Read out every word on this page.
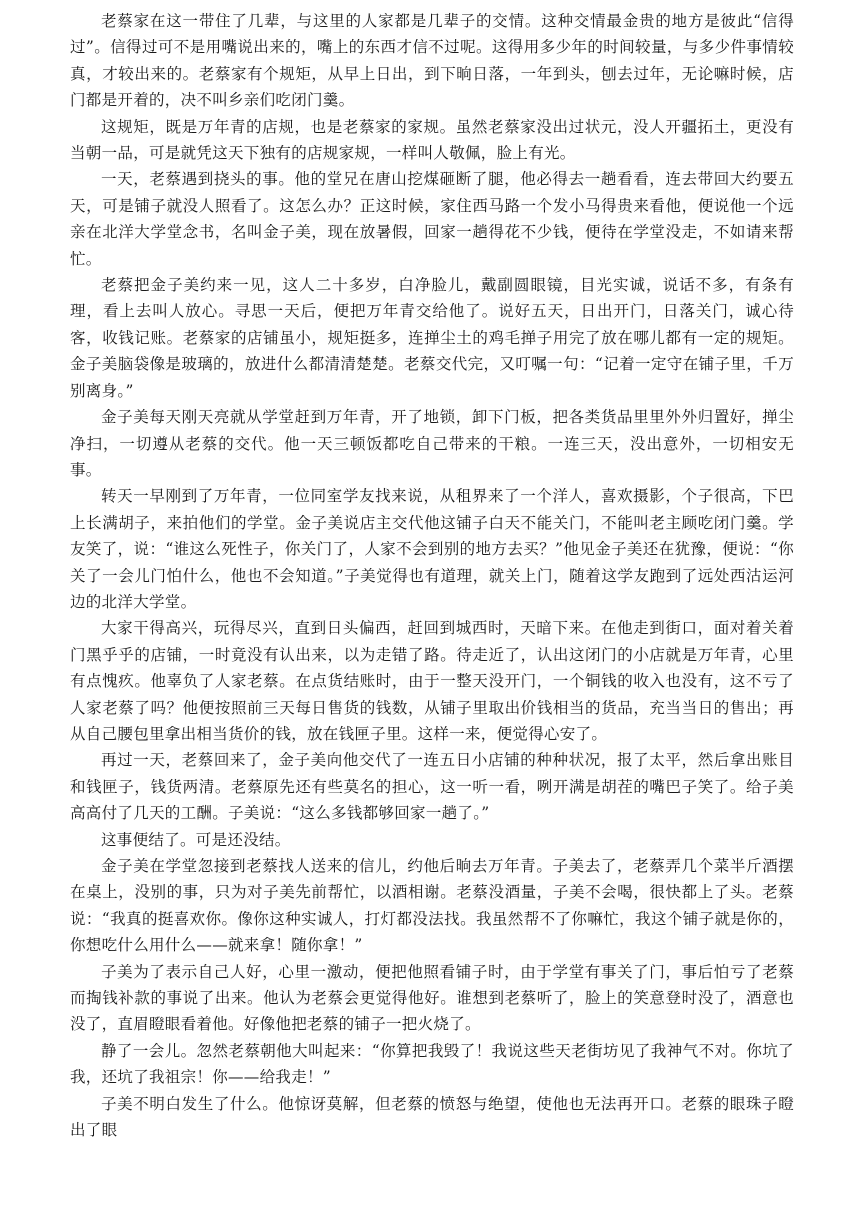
老蔡家在这一带住了几辈，与这里的人家都是几辈子的交情。这种交情最金贵的地方是彼此“信得过”。信得过可不是用嘴说出来的，嘴上的东西才信不过呢。这得用多少年的时间较量，与多少件事情较真，才较出来的。老蔡家有个规矩，从早上日出，到下晌日落，一年到头，刨去过年，无论嘛时候，店门都是开着的，决不叫乡亲们吃闭门羹。

这规矩，既是万年青的店规，也是老蔡家的家规。虽然老蔡家没出过状元，没人开疆拓土，更没有当朝一品，可是就凭这天下独有的店规家规，一样叫人敬佩，脸上有光。

一天，老蔡遇到挠头的事。他的堂兄在唐山挖煤砸断了腿，他必得去一趟看看，连去带回大约要五天，可是铺子就没人照看了。这怎么办？正这时候，家住西马路一个发小马得贵来看他，便说他一个远亲在北洋大学堂念书，名叫金子美，现在放暑假，回家一趟得花不少钱，便待在学堂没走，不如请来帮忙。

老蔡把金子美约来一见，这人二十多岁，白净脸儿，戴副圆眼镜，目光实诚，说话不多，有条有理，看上去叫人放心。寻思一天后，便把万年青交给他了。说好五天，日出开门，日落关门，诚心待客，收钱记账。老蔡家的店铺虽小，规矩挺多，连掸尘土的鸡毛掸子用完了放在哪儿都有一定的规矩。金子美脑袋像是玻璃的，放进什么都清清楚楚。老蔡交代完，又叮嘱一句：“记着一定守在铺子里，千万别离身。”

金子美每天刚天亮就从学堂赶到万年青，开了地锁，卸下门板，把各类货品里里外外归置好，掸尘净扫，一切遵从老蔡的交代。他一天三顿饭都吃自己带来的干粮。一连三天，没出意外，一切相安无事。

转天一早刚到了万年青，一位同室学友找来说，从租界来了一个洋人，喜欢摄影，个子很高，下巴上长满胡子，来拍他们的学堂。金子美说店主交代他这铺子白天不能关门，不能叫老主顾吃闭门羹。学友笑了，说：“谁这么死性子，你关门了，人家不会到别的地方去买？”他见金子美还在犹豫，便说：“你关了一会儿门怕什么，他也不会知道。”子美觉得也有道理，就关上门，随着这学友跑到了远处西沽运河边的北洋大学堂。

大家干得高兴，玩得尽兴，直到日头偏西，赶回到城西时，天暗下来。在他走到街口，面对着关着门黑乎乎的店铺，一时竟没有认出来，以为走错了路。待走近了，认出这闭门的小店就是万年青，心里有点愧疚。他辜负了人家老蔡。在点货结账时，由于一整天没开门，一个铜钱的收入也没有，这不亏了人家老蔡了吗？他便按照前三天每日售货的钱数，从铺子里取出价钱相当的货品，充当当日的售出；再从自己腰包里拿出相当货价的钱，放在钱匣子里。这样一来，便觉得心安了。

再过一天，老蔡回来了，金子美向他交代了一连五日小店铺的种种状况，报了太平，然后拿出账目和钱匣子，钱货两清。老蔡原先还有些莫名的担心，这一听一看，咧开满是胡茬的嘴巴子笑了。给子美高高付了几天的工酬。子美说：“这么多钱都够回家一趟了。”

这事便结了。可是还没结。

金子美在学堂忽接到老蔡找人送来的信儿，约他后晌去万年青。子美去了，老蔡弄几个菜半斤酒摆在桌上，没别的事，只为对子美先前帮忙，以酒相谢。老蔡没酒量，子美不会喝，很快都上了头。老蔡说：“我真的挺喜欢你。像你这种实诚人，打灯都没法找。我虽然帮不了你嘛忙，我这个铺子就是你的，你想吃什么用什么——就来拿！随你拿！”

子美为了表示自己人好，心里一激动，便把他照看铺子时，由于学堂有事关了门，事后怕亏了老蔡而掏钱补款的事说了出来。他认为老蔡会更觉得他好。谁想到老蔡听了，脸上的笑意登时没了，酒意也没了，直眉瞪眼看着他。好像他把老蔡的铺子一把火烧了。

静了一会儿。忽然老蔡朝他大叫起来：“你算把我毁了！我说这些天老街坊见了我神气不对。你坑了我，还坑了我祖宗！你——给我走！”

子美不明白发生了什么。他惊讶莫解，但老蔡的愤怒与绝望，使他也无法再开口。老蔡的眼珠子瞪出了眼
